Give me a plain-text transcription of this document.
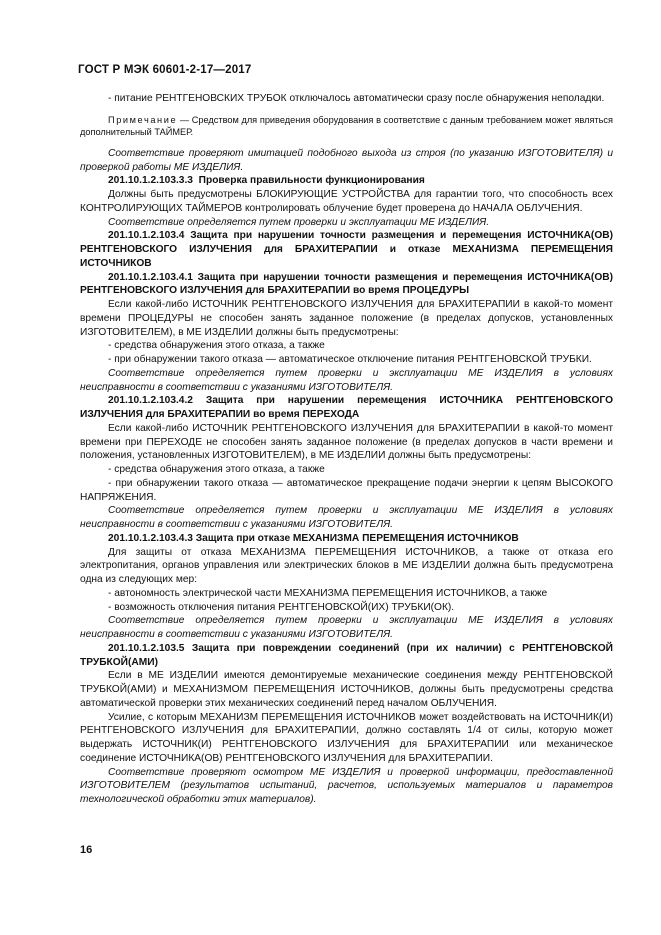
ГОСТ Р МЭК 60601-2-17—2017

- питание РЕНТГЕНОВСКИХ ТРУБОК отключалось автоматически сразу после обнаружения неполадки.

Примечание — Средством для приведения оборудования в соответствие с данным требованием может являться дополнительный ТАЙМЕР.

Соответствие проверяют имитацией подобного выхода из строя (по указанию ИЗГОТОВИТЕЛЯ) и проверкой работы МЕ ИЗДЕЛИЯ.

201.10.1.2.103.3.3 Проверка правильности функционирования

Должны быть предусмотрены БЛОКИРУЮЩИЕ УСТРОЙСТВА для гарантии того, что способность всех КОНТРОЛИРУЮЩИХ ТАЙМЕРОВ контролировать облучение будет проверена до НАЧАЛА ОБЛУЧЕНИЯ.

Соответствие определяется путем проверки и эксплуатации МЕ ИЗДЕЛИЯ.

201.10.1.2.103.4 Защита при нарушении точности размещения и перемещения ИСТОЧНИКА(ОВ) РЕНТГЕНОВСКОГО ИЗЛУЧЕНИЯ для БРАХИТЕРАПИИ и отказе МЕХАНИЗМА ПЕРЕМЕЩЕНИЯ ИСТОЧНИКОВ

201.10.1.2.103.4.1 Защита при нарушении точности размещения и перемещения ИСТОЧНИКА(ОВ) РЕНТГЕНОВСКОГО ИЗЛУЧЕНИЯ для БРАХИТЕРАПИИ во время ПРОЦЕДУРЫ

Если какой-либо ИСТОЧНИК РЕНТГЕНОВСКОГО ИЗЛУЧЕНИЯ для БРАХИТЕРАПИИ в какой-то момент времени ПРОЦЕДУРЫ не способен занять заданное положение (в пределах допусков, установленных ИЗГОТОВИТЕЛЕМ), в МЕ ИЗДЕЛИИ должны быть предусмотрены:

- средства обнаружения этого отказа, а также

- при обнаружении такого отказа — автоматическое отключение питания РЕНТГЕНОВСКОЙ ТРУБКИ.

Соответствие определяется путем проверки и эксплуатации МЕ ИЗДЕЛИЯ в условиях неисправности в соответствии с указаниями ИЗГОТОВИТЕЛЯ.

201.10.1.2.103.4.2 Защита при нарушении перемещения ИСТОЧНИКА РЕНТГЕНОВСКОГО ИЗЛУЧЕНИЯ для БРАХИТЕРАПИИ во время ПЕРЕХОДА

Если какой-либо ИСТОЧНИК РЕНТГЕНОВСКОГО ИЗЛУЧЕНИЯ для БРАХИТЕРАПИИ в какой-то момент времени при ПЕРЕХОДЕ не способен занять заданное положение (в пределах допусков в части времени и положения, установленных ИЗГОТОВИТЕЛЕМ), в МЕ ИЗДЕЛИИ должны быть предусмотрены:

- средства обнаружения этого отказа, а также

- при обнаружении такого отказа — автоматическое прекращение подачи энергии к цепям ВЫСОКОГО НАПРЯЖЕНИЯ.

Соответствие определяется путем проверки и эксплуатации МЕ ИЗДЕЛИЯ в условиях неисправности в соответствии с указаниями ИЗГОТОВИТЕЛЯ.

201.10.1.2.103.4.3 Защита при отказе МЕХАНИЗМА ПЕРЕМЕЩЕНИЯ ИСТОЧНИКОВ

Для защиты от отказа МЕХАНИЗМА ПЕРЕМЕЩЕНИЯ ИСТОЧНИКОВ, а также от отказа его электропитания, органов управления или электрических блоков в МЕ ИЗДЕЛИИ должна быть предусмотрена одна из следующих мер:

- автономность электрической части МЕХАНИЗМА ПЕРЕМЕЩЕНИЯ ИСТОЧНИКОВ, а также

- возможность отключения питания РЕНТГЕНОВСКОЙ(ИХ) ТРУБКИ(ОК).

Соответствие определяется путем проверки и эксплуатации МЕ ИЗДЕЛИЯ в условиях неисправности в соответствии с указаниями ИЗГОТОВИТЕЛЯ.

201.10.1.2.103.5 Защита при повреждении соединений (при их наличии) с РЕНТГЕНОВСКОЙ ТРУБКОЙ(АМИ)

Если в МЕ ИЗДЕЛИИ имеются демонтируемые механические соединения между РЕНТГЕНОВСКОЙ ТРУБКОЙ(АМИ) и МЕХАНИЗМОМ ПЕРЕМЕЩЕНИЯ ИСТОЧНИКОВ, должны быть предусмотрены средства автоматической проверки этих механических соединений перед началом ОБЛУЧЕНИЯ.

Усилие, с которым МЕХАНИЗМ ПЕРЕМЕЩЕНИЯ ИСТОЧНИКОВ может воздействовать на ИСТОЧНИК(И) РЕНТГЕНОВСКОГО ИЗЛУЧЕНИЯ для БРАХИТЕРАПИИ, должно составлять 1/4 от силы, которую может выдержать ИСТОЧНИК(И) РЕНТГЕНОВСКОГО ИЗЛУЧЕНИЯ для БРАХИТЕРАПИИ или механическое соединение ИСТОЧНИКА(ОВ) РЕНТГЕНОВСКОГО ИЗЛУЧЕНИЯ для БРАХИТЕРАПИИ.

Соответствие проверяют осмотром МЕ ИЗДЕЛИЯ и проверкой информации, предоставленной ИЗГОТОВИТЕЛЕМ (результатов испытаний, расчетов, используемых материалов и параметров технологической обработки этих материалов).

16
